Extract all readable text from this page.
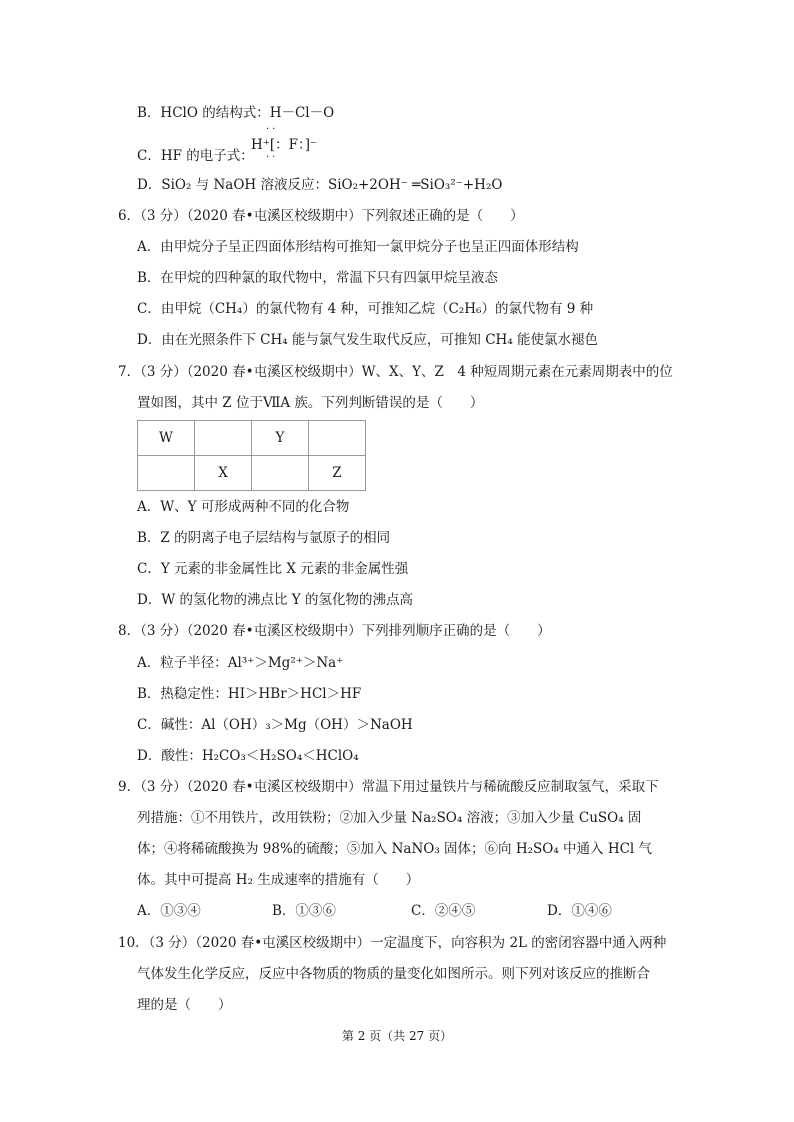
B．HClO 的结构式：H－Cl－O
··
C．HF 的电子式：
H⁺[：F：]⁻
··
D．SiO₂ 与 NaOH 溶液反应：SiO₂+2OH⁻ ═SiO₃²⁻+H₂O
6．（3 分）（2020 春•屯溪区校级期中）下列叙述正确的是（　　）
A．由甲烷分子呈正四面体形结构可推知一氯甲烷分子也呈正四面体形结构
B．在甲烷的四种氯的取代物中，常温下只有四氯甲烷呈液态
C．由甲烷（CH₄）的氯代物有 4 种，可推知乙烷（C₂H₆）的氯代物有 9 种
D．由在光照条件下 CH₄ 能与氯气发生取代反应，可推知 CH₄ 能使氯水褪色
7．（3 分）（2020 春•屯溪区校级期中）W、X、Y、Z　4 种短周期元素在元素周期表中的位
置如图，其中 Z 位于ⅦA 族。下列判断错误的是（　　）
W		Y	
	X		Z
A．W、Y 可形成两种不同的化合物
B．Z 的阴离子电子层结构与氩原子的相同
C．Y 元素的非金属性比 X 元素的非金属性强
D．W 的氢化物的沸点比 Y 的氢化物的沸点高
8．（3 分）（2020 春•屯溪区校级期中）下列排列顺序正确的是（　　）
A．粒子半径：Al³⁺＞Mg²⁺＞Na⁺
B．热稳定性：HI＞HBr＞HCl＞HF
C．碱性：Al（OH）₃＞Mg（OH）＞NaOH
D．酸性：H₂CO₃＜H₂SO₄＜HClO₄
9．（3 分）（2020 春•屯溪区校级期中）常温下用过量铁片与稀硫酸反应制取氢气，采取下
列措施：①不用铁片，改用铁粉；②加入少量 Na₂SO₄ 溶液；③加入少量 CuSO₄ 固
体；④将稀硫酸换为 98%的硫酸；⑤加入 NaNO₃ 固体；⑥向 H₂SO₄ 中通入 HCl 气
体。其中可提高 H₂ 生成速率的措施有（　　）
A．①③④	B．①③⑥	C．②④⑤	D．①④⑥
10．（3 分）（2020 春•屯溪区校级期中）一定温度下，向容积为 2L 的密闭容器中通入两种
气体发生化学反应，反应中各物质的物质的量变化如图所示。则下列对该反应的推断合
理的是（　　）
第 2 页（共 27 页）
